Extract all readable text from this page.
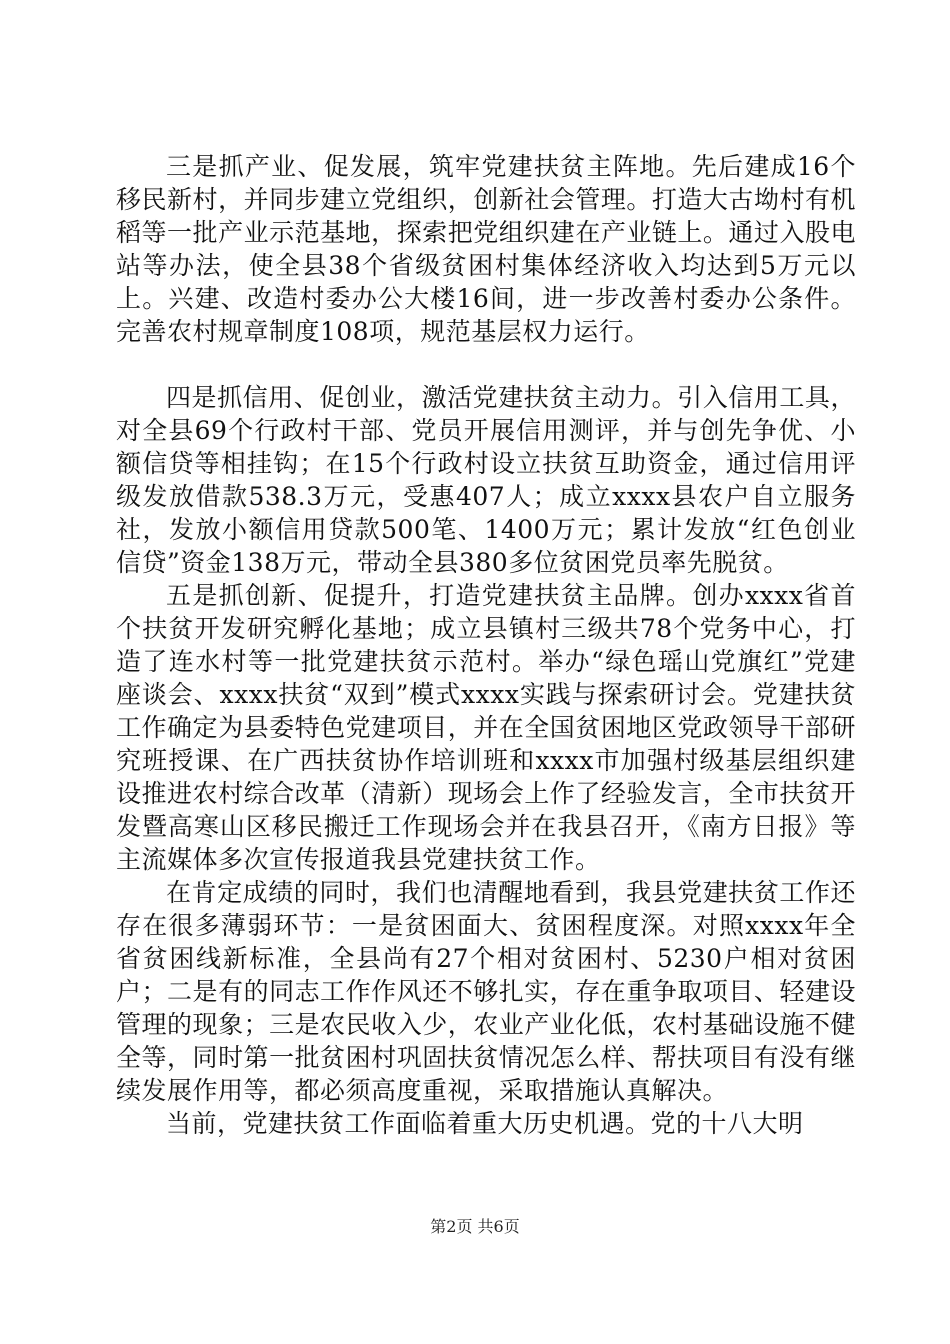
三是抓产业、促发展，筑牢党建扶贫主阵地。先后建成16个移民新村，并同步建立党组织，创新社会管理。打造大古坳村有机稻等一批产业示范基地，探索把党组织建在产业链上。通过入股电站等办法，使全县38个省级贫困村集体经济收入均达到5万元以上。兴建、改造村委办公大楼16间，进一步改善村委办公条件。完善农村规章制度108项，规范基层权力运行。

四是抓信用、促创业，激活党建扶贫主动力。引入信用工具，对全县69个行政村干部、党员开展信用测评，并与创先争优、小额信贷等相挂钩；在15个行政村设立扶贫互助资金，通过信用评级发放借款538.3万元，受惠407人；成立xxxx县农户自立服务社，发放小额信用贷款500笔、1400万元；累计发放“红色创业信贷”资金138万元，带动全县380多位贫困党员率先脱贫。

五是抓创新、促提升，打造党建扶贫主品牌。创办xxxx省首个扶贫开发研究孵化基地；成立县镇村三级共78个党务中心，打造了连水村等一批党建扶贫示范村。举办“绿色瑶山党旗红”党建座谈会、xxxx扶贫“双到”模式xxxx实践与探索研讨会。党建扶贫工作确定为县委特色党建项目，并在全国贫困地区党政领导干部研究班授课、在广西扶贫协作培训班和xxxx市加强村级基层组织建设推进农村综合改革（清新）现场会上作了经验发言，全市扶贫开发暨高寒山区移民搬迁工作现场会并在我县召开，《南方日报》等主流媒体多次宣传报道我县党建扶贫工作。

在肯定成绩的同时，我们也清醒地看到，我县党建扶贫工作还存在很多薄弱环节：一是贫困面大、贫困程度深。对照xxxx年全省贫困线新标准，全县尚有27个相对贫困村、5230户相对贫困户；二是有的同志工作作风还不够扎实，存在重争取项目、轻建设管理的现象；三是农民收入少，农业产业化低，农村基础设施不健全等，同时第一批贫困村巩固扶贫情况怎么样、帮扶项目有没有继续发展作用等，都必须高度重视，采取措施认真解决。

当前，党建扶贫工作面临着重大历史机遇。党的十八大明

第2页 共6页
